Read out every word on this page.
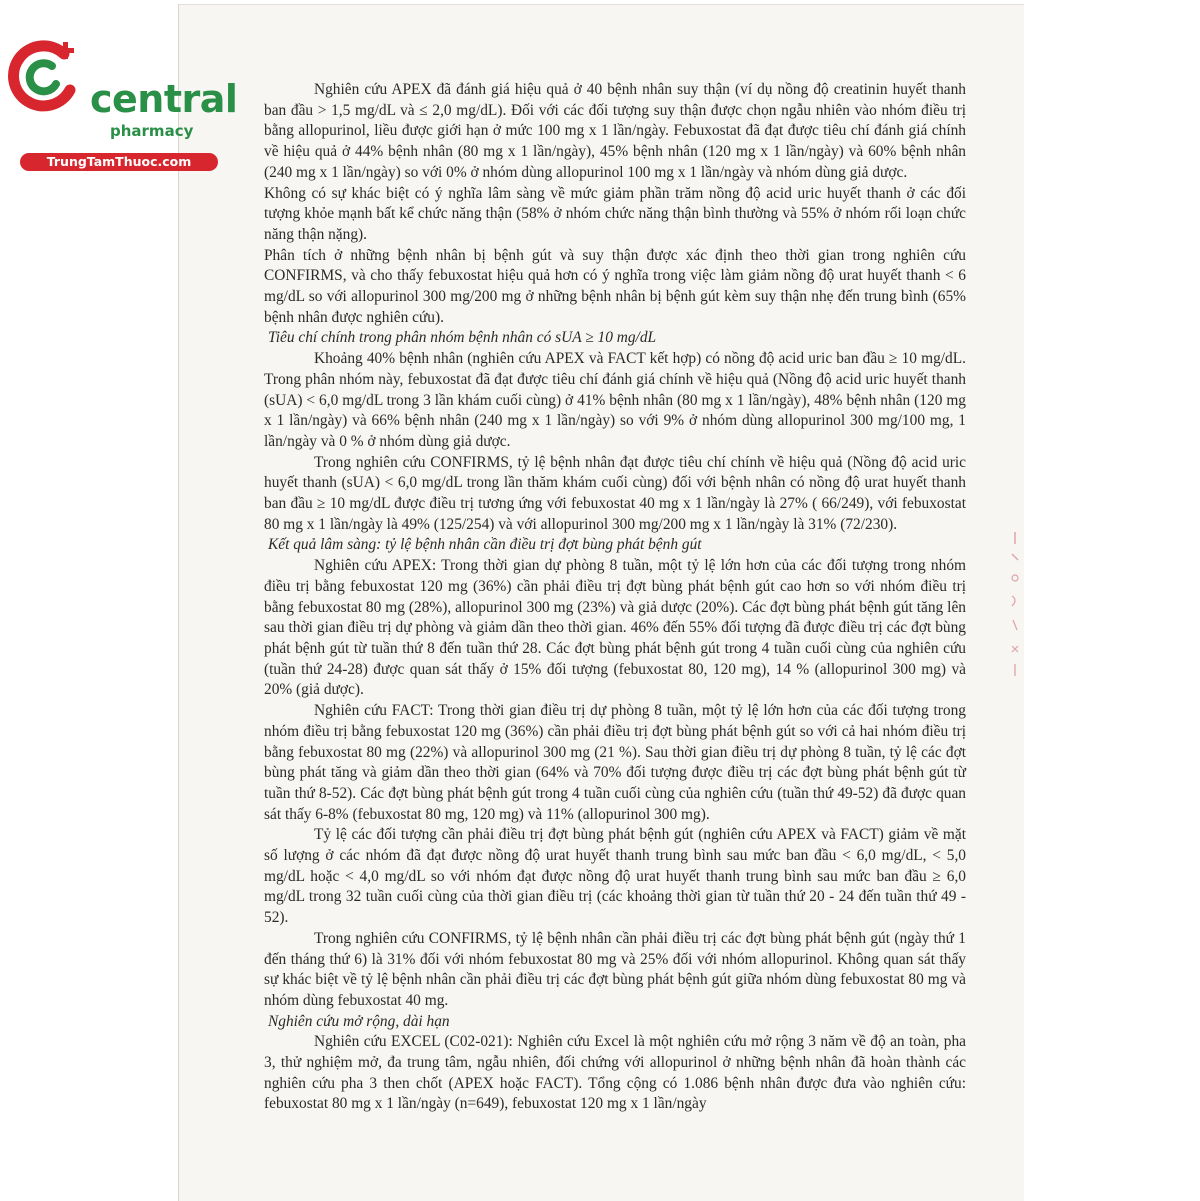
central
pharmacy
TrungTamThuoc.com

Nghiên cứu APEX đã đánh giá hiệu quả ở 40 bệnh nhân suy thận (ví dụ nồng độ creatinin huyết thanh ban đầu > 1,5 mg/dL và ≤ 2,0 mg/dL). Đối với các đối tượng suy thận được chọn ngẫu nhiên vào nhóm điều trị bằng allopurinol, liều được giới hạn ở mức 100 mg x 1 lần/ngày. Febuxostat đã đạt được tiêu chí đánh giá chính về hiệu quả ở 44% bệnh nhân (80 mg x 1 lần/ngày), 45% bệnh nhân (120 mg x 1 lần/ngày) và 60% bệnh nhân (240 mg x 1 lần/ngày) so với 0% ở nhóm dùng allopurinol 100 mg x 1 lần/ngày và nhóm dùng giả dược.

Không có sự khác biệt có ý nghĩa lâm sàng về mức giảm phần trăm nồng độ acid uric huyết thanh ở các đối tượng khỏe mạnh bất kể chức năng thận (58% ở nhóm chức năng thận bình thường và 55% ở nhóm rối loạn chức năng thận nặng).

Phân tích ở những bệnh nhân bị bệnh gút và suy thận được xác định theo thời gian trong nghiên cứu CONFIRMS, và cho thấy febuxostat hiệu quả hơn có ý nghĩa trong việc làm giảm nồng độ urat huyết thanh < 6 mg/dL so với allopurinol 300 mg/200 mg ở những bệnh nhân bị bệnh gút kèm suy thận nhẹ đến trung bình (65% bệnh nhân được nghiên cứu).

Tiêu chí chính trong phân nhóm bệnh nhân có sUA ≥ 10 mg/dL

Khoảng 40% bệnh nhân (nghiên cứu APEX và FACT kết hợp) có nồng độ acid uric ban đầu ≥ 10 mg/dL. Trong phân nhóm này, febuxostat đã đạt được tiêu chí đánh giá chính về hiệu quả (Nồng độ acid uric huyết thanh (sUA) < 6,0 mg/dL trong 3 lần khám cuối cùng) ở 41% bệnh nhân (80 mg x 1 lần/ngày), 48% bệnh nhân (120 mg x 1 lần/ngày) và 66% bệnh nhân (240 mg x 1 lần/ngày) so với 9% ở nhóm dùng allopurinol 300 mg/100 mg, 1 lần/ngày và 0 % ở nhóm dùng giả dược.

Trong nghiên cứu CONFIRMS, tỷ lệ bệnh nhân đạt được tiêu chí chính về hiệu quả (Nồng độ acid uric huyết thanh (sUA) < 6,0 mg/dL trong lần thăm khám cuối cùng) đối với bệnh nhân có nồng độ urat huyết thanh ban đầu ≥ 10 mg/dL được điều trị tương ứng với febuxostat 40 mg x 1 lần/ngày là 27% ( 66/249), với febuxostat 80 mg x 1 lần/ngày là 49% (125/254) và với allopurinol 300 mg/200 mg x 1 lần/ngày là 31% (72/230).

Kết quả lâm sàng: tỷ lệ bệnh nhân cần điều trị đợt bùng phát bệnh gút

Nghiên cứu APEX: Trong thời gian dự phòng 8 tuần, một tỷ lệ lớn hơn của các đối tượng trong nhóm điều trị bằng febuxostat 120 mg (36%) cần phải điều trị đợt bùng phát bệnh gút cao hơn so với nhóm điều trị bằng febuxostat 80 mg (28%), allopurinol 300 mg (23%) và giả dược (20%). Các đợt bùng phát bệnh gút tăng lên sau thời gian điều trị dự phòng và giảm dần theo thời gian. 46% đến 55% đối tượng đã được điều trị các đợt bùng phát bệnh gút từ tuần thứ 8 đến tuần thứ 28. Các đợt bùng phát bệnh gút trong 4 tuần cuối cùng của nghiên cứu (tuần thứ 24-28) được quan sát thấy ở 15% đối tượng (febuxostat 80, 120 mg), 14 % (allopurinol 300 mg) và 20% (giả dược).

Nghiên cứu FACT: Trong thời gian điều trị dự phòng 8 tuần, một tỷ lệ lớn hơn của các đối tượng trong nhóm điều trị bằng febuxostat 120 mg (36%) cần phải điều trị đợt bùng phát bệnh gút so với cả hai nhóm điều trị bằng febuxostat 80 mg (22%) và allopurinol 300 mg (21 %). Sau thời gian điều trị dự phòng 8 tuần, tỷ lệ các đợt bùng phát tăng và giảm dần theo thời gian (64% và 70% đối tượng được điều trị các đợt bùng phát bệnh gút từ tuần thứ 8-52). Các đợt bùng phát bệnh gút trong 4 tuần cuối cùng của nghiên cứu (tuần thứ 49-52) đã được quan sát thấy 6-8% (febuxostat 80 mg, 120 mg) và 11% (allopurinol 300 mg).

Tỷ lệ các đối tượng cần phải điều trị đợt bùng phát bệnh gút (nghiên cứu APEX và FACT) giảm về mặt số lượng ở các nhóm đã đạt được nồng độ urat huyết thanh trung bình sau mức ban đầu < 6,0 mg/dL, < 5,0 mg/dL hoặc < 4,0 mg/dL so với nhóm đạt được nồng độ urat huyết thanh trung bình sau mức ban đầu ≥ 6,0 mg/dL trong 32 tuần cuối cùng của thời gian điều trị (các khoảng thời gian từ tuần thứ 20 - 24 đến tuần thứ 49 - 52).

Trong nghiên cứu CONFIRMS, tỷ lệ bệnh nhân cần phải điều trị các đợt bùng phát bệnh gút (ngày thứ 1 đến tháng thứ 6) là 31% đối với nhóm febuxostat 80 mg và 25% đối với nhóm allopurinol. Không quan sát thấy sự khác biệt về tỷ lệ bệnh nhân cần phải điều trị các đợt bùng phát bệnh gút giữa nhóm dùng febuxostat 80 mg và nhóm dùng febuxostat 40 mg.

Nghiên cứu mở rộng, dài hạn

Nghiên cứu EXCEL (C02-021): Nghiên cứu Excel là một nghiên cứu mở rộng 3 năm về độ an toàn, pha 3, thử nghiệm mở, đa trung tâm, ngẫu nhiên, đối chứng với allopurinol ở những bệnh nhân đã hoàn thành các nghiên cứu pha 3 then chốt (APEX hoặc FACT). Tổng cộng có 1.086 bệnh nhân được đưa vào nghiên cứu: febuxostat 80 mg x 1 lần/ngày (n=649), febuxostat 120 mg x 1 lần/ngày
